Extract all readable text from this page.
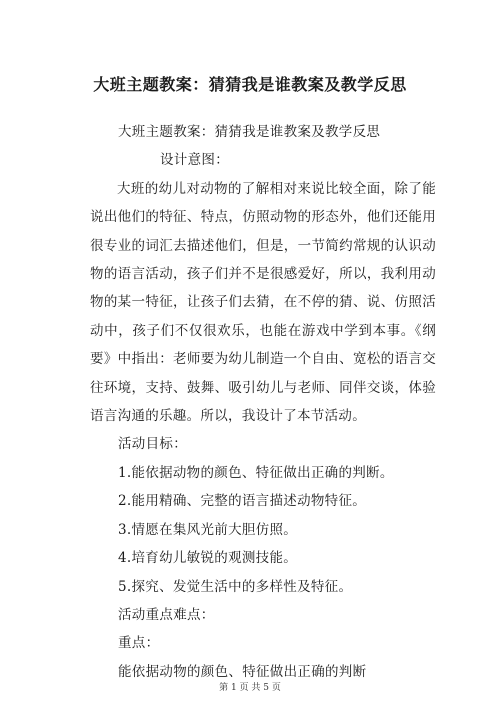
大班主题教案：猜猜我是谁教案及教学反思

大班主题教案：猜猜我是谁教案及教学反思

设计意图：

大班的幼儿对动物的了解相对来说比较全面，除了能说出他们的特征、特点，仿照动物的形态外，他们还能用很专业的词汇去描述他们，但是，一节简约常规的认识动物的语言活动，孩子们并不是很感爱好，所以，我利用动物的某一特征，让孩子们去猜，在不停的猜、说、仿照活动中，孩子们不仅很欢乐，也能在游戏中学到本事。《纲要》中指出：老师要为幼儿制造一个自由、宽松的语言交往环境，支持、鼓舞、吸引幼儿与老师、同伴交谈，体验语言沟通的乐趣。所以，我设计了本节活动。

活动目标：

1.能依据动物的颜色、特征做出正确的判断。

2.能用精确、完整的语言描述动物特征。

3.情愿在集风光前大胆仿照。

4.培育幼儿敏锐的观测技能。

5.探究、发觉生活中的多样性及特征。

活动重点难点：

重点：

能依据动物的颜色、特征做出正确的判断

第 1 页 共 5 页
